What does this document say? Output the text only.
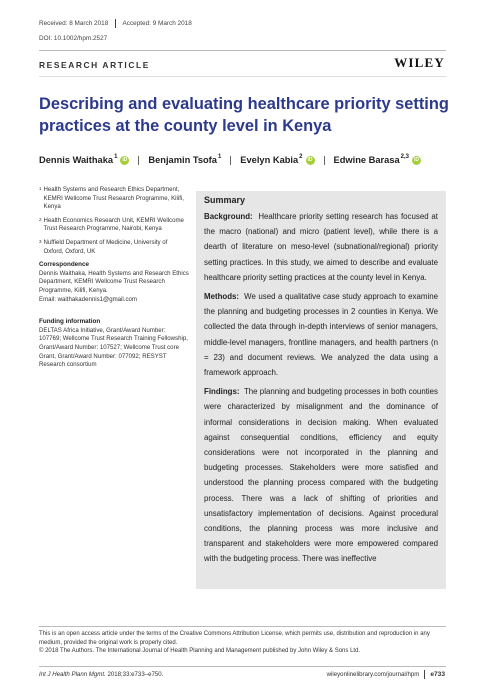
Received: 8 March 2018 Accepted: 9 March 2018
DOI: 10.1002/hpm.2527
RESEARCH ARTICLE	WILEY
Describing and evaluating healthcare priority setting practices at the county level in Kenya
Dennis Waithaka$^1$	iD Benjamin Tsofa$^1$ Evelyn Kabia$^2$	iD Edwine Barasa$^{2,3}$	iD
1 Health Systems and Research Ethics Department, KEMRI Wellcome Trust Research Programme, Kilifi, Kenya
2 Health Economics Research Unit, KEMRI Wellcome Trust Research Programme, Nairobi, Kenya
3 Nuffield Department of Medicine, University of Oxford, Oxford, UK
Correspondence
Dennis Waithaka, Health Systems and Research Ethics Department, KEMRI Wellcome Trust Research Programme, Kilifi, Kenya.
Email: waithakadennis1@gmail.com
Funding information
DELTAS Africa Initiative, Grant/Award Number: 107769; Wellcome Trust Research Training Fellowship, Grant/Award Number: 107527; Wellcome Trust core Grant, Grant/Award Number: 077092; RESYST Research consortium
Summary

Background: Healthcare priority setting research has focused at the macro (national) and micro (patient level), while there is a dearth of literature on meso-level (subnational/regional) priority setting practices. In this study, we aimed to describe and evaluate healthcare priority setting practices at the county level in Kenya.

Methods: We used a qualitative case study approach to examine the planning and budgeting processes in 2 counties in Kenya. We collected the data through in-depth interviews of senior managers, middle-level managers, frontline managers, and health partners (n = 23) and document reviews. We analyzed the data using a framework approach.

Findings: The planning and budgeting processes in both counties were characterized by misalignment and the dominance of informal considerations in decision making. When evaluated against consequential conditions, efficiency and equity considerations were not incorporated in the planning and budgeting processes. Stakeholders were more satisfied and understood the planning process compared with the budgeting process. There was a lack of shifting of priorities and unsatisfactory implementation of decisions. Against procedural conditions, the planning process was more inclusive and transparent and stakeholders were more empowered compared with the budgeting process. There was ineffective

This is an open access article under the terms of the Creative Commons Attribution License, which permits use, distribution and reproduction in any medium, provided the original work is properly cited.
© 2018 The Authors. The International Journal of Health Planning and Management published by John Wiley & Sons Ltd.
Int J Health Plann Mgmt. 2018;33:e733–e750.	wileyonlinelibrary.com/journal/hpm e733
